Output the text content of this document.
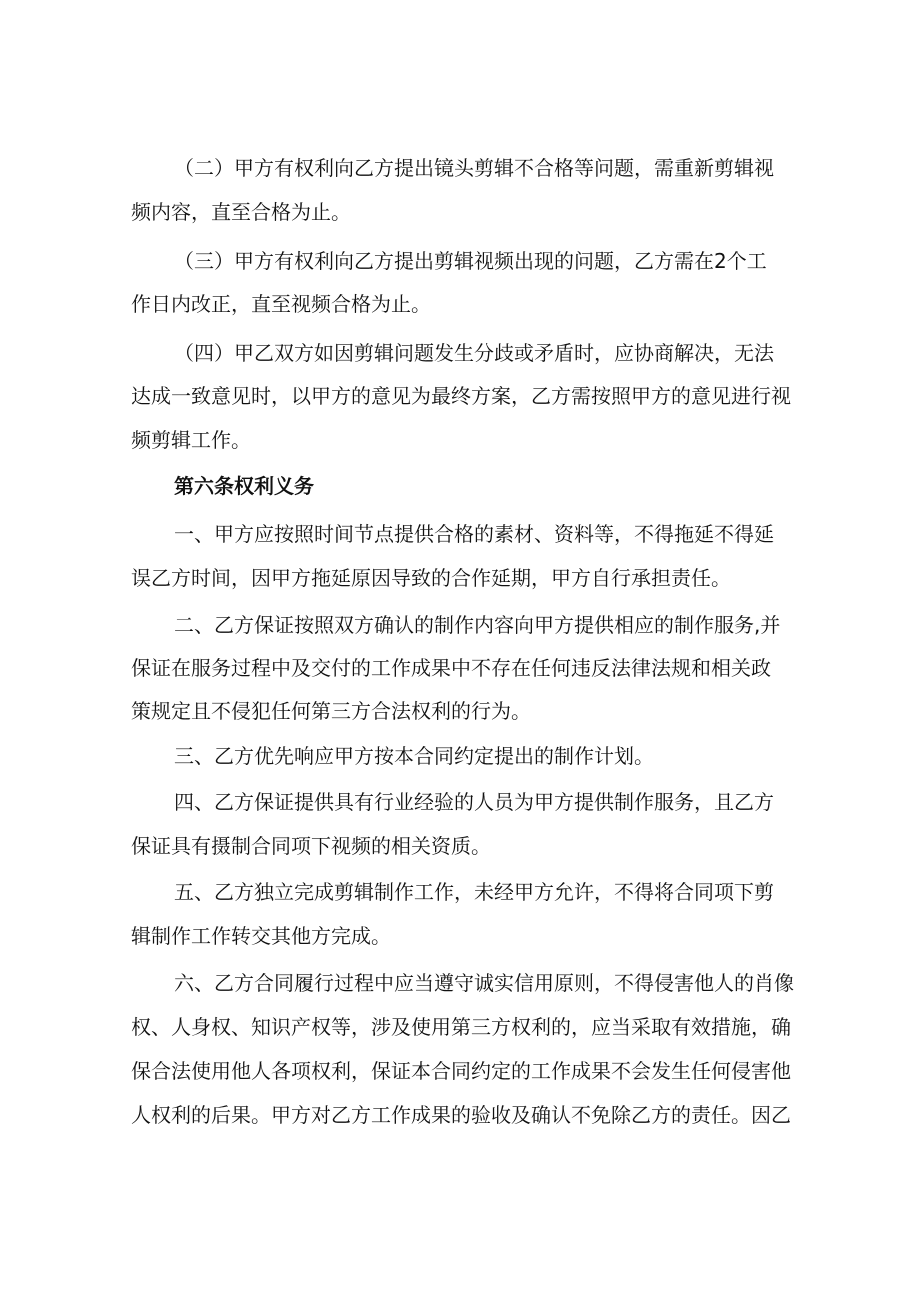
（二）甲方有权利向乙方提出镜头剪辑不合格等问题，需重新剪辑视

频内容，直至合格为止。

（三）甲方有权利向乙方提出剪辑视频出现的问题，乙方需在2个工

作日内改正，直至视频合格为止。

（四）甲乙双方如因剪辑问题发生分歧或矛盾时，应协商解决，无法

达成一致意见时，以甲方的意见为最终方案，乙方需按照甲方的意见进行视

频剪辑工作。

第六条权利义务

一、甲方应按照时间节点提供合格的素材、资料等，不得拖延不得延

误乙方时间，因甲方拖延原因导致的合作延期，甲方自行承担责任。

二、乙方保证按照双方确认的制作内容向甲方提供相应的制作服务,并

保证在服务过程中及交付的工作成果中不存在任何违反法律法规和相关政

策规定且不侵犯任何第三方合法权利的行为。

三、乙方优先响应甲方按本合同约定提出的制作计划。

四、乙方保证提供具有行业经验的人员为甲方提供制作服务，且乙方

保证具有摄制合同项下视频的相关资质。

五、乙方独立完成剪辑制作工作，未经甲方允许，不得将合同项下剪

辑制作工作转交其他方完成。

六、乙方合同履行过程中应当遵守诚实信用原则，不得侵害他人的肖像

权、人身权、知识产权等，涉及使用第三方权利的，应当采取有效措施，确

保合法使用他人各项权利，保证本合同约定的工作成果不会发生任何侵害他

人权利的后果。甲方对乙方工作成果的验收及确认不免除乙方的责任。因乙
